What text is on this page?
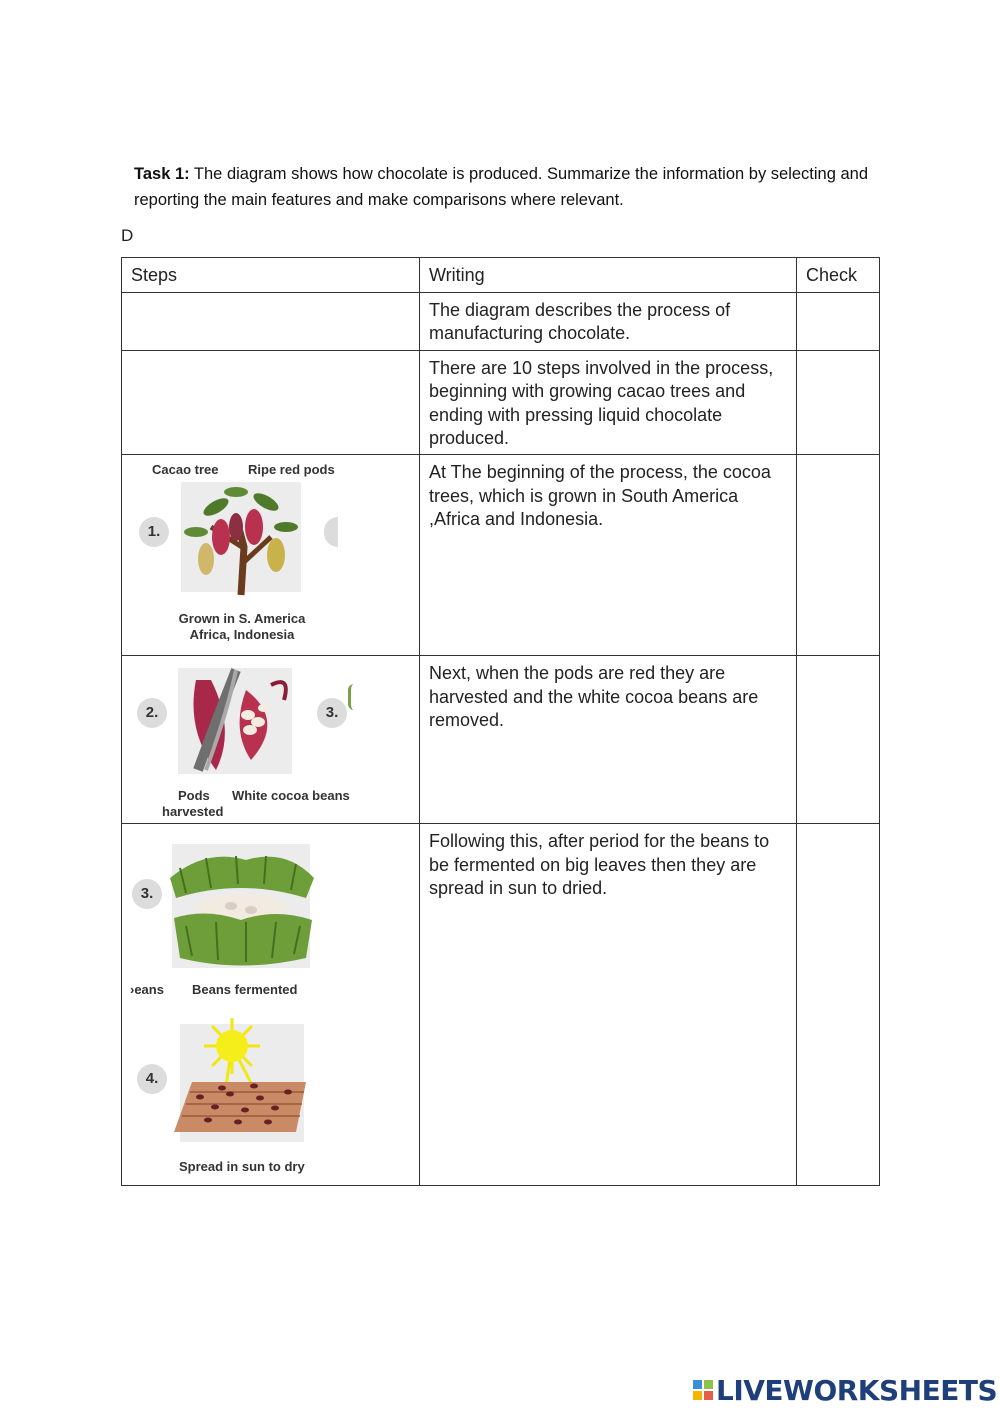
Task 1: The diagram shows how chocolate is produced. Summarize the information by selecting and reporting the main features and make comparisons where relevant.
D
Steps	Writing	Check
	The diagram describes the process of manufacturing chocolate.	
	There are 10 steps involved in the process, beginning with growing cacao trees and ending with pressing liquid chocolate produced.	

Cacao tree Ripe red pods
1.
Grown in S. America
Africa, Indonesia	At The beginning of the process, the cocoa trees, which is grown in South America ,Africa and Indonesia.	

2. 3.
Pods
harvested
White cocoa beans	Next, when the pods are red they are harvested and the white cocoa beans are removed.	

3.
›eans Beans fermented
4.
Spread in sun to dry	Following this, after period for the beans to be fermented on big leaves then they are spread in sun to dried.	
LIVEWORKSHEETS
